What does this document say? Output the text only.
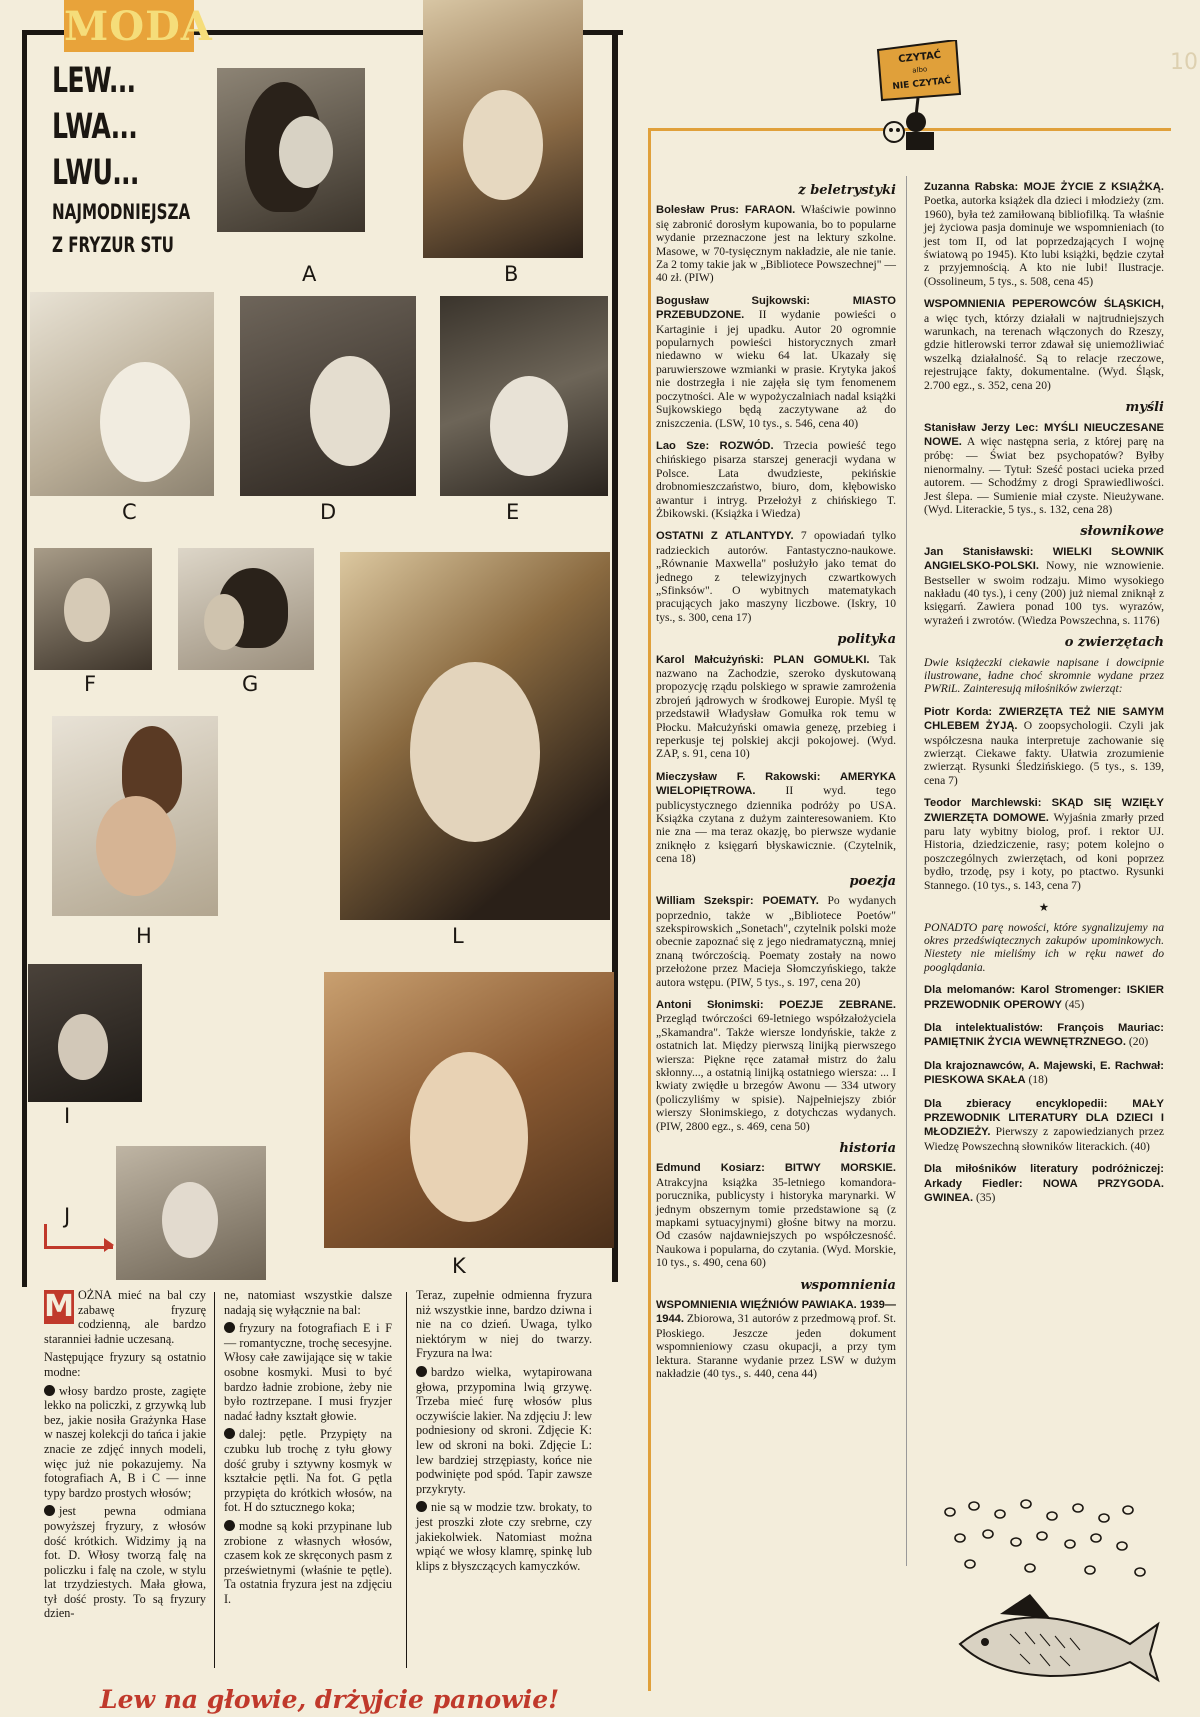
MODA
LEW...
LWA...
LWU...
NAJMODNIEJSZA
Z FRYZUR STU
A	B
C	D	E
F	G
H	L
I
J
K

M OŻNA mieć na bal czy zabawę fryzurę codzienną, ale bardzo staranniei ładnie uczesaną.

Następujące fryzury są ostatnio modne:

włosy bardzo proste, zagięte lekko na policzki, z grzywką lub bez, jakie nosiła Grażynka Hase w naszej kolekcji do tańca i jakie znacie ze zdjęć innych modeli, więc już nie pokazujemy. Na fotografiach A, B i C — inne typy bardzo prostych włosów;

jest pewna odmiana powyższej fryzury, z włosów dość krótkich. Widzimy ją na fot. D. Włosy tworzą falę na policzku i falę na czole, w stylu lat trzydziestych. Mała głowa, tył dość prosty. To są fryzury dzien-

ne, natomiast wszystkie dalsze nadają się wyłącznie na bal:

fryzury na fotografiach E i F — romantyczne, trochę secesyjne. Włosy całe zawijające się w takie osobne kosmyki. Musi to być bardzo ładnie zrobione, żeby nie było roztrzepane. I musi fryzjer nadać ładny kształt głowie.

dalej: pętle. Przypięty na czubku lub trochę z tyłu głowy dość gruby i sztywny kosmyk w kształcie pętli. Na fot. G pętla przypięta do krótkich włosów, na fot. H do sztucznego koka;

modne są koki przypinane lub zrobione z własnych włosów, czasem kok ze skręconych pasm z prześwietnymi (właśnie te pętle). Ta ostatnia fryzura jest na zdjęciu I.

Teraz, zupełnie odmienna fryzura niż wszystkie inne, bardzo dziwna i nie na co dzień. Uwaga, tylko niektórym w niej do twarzy. Fryzura na lwa:

bardzo wielka, wytapirowana głowa, przypomina lwią grzywę. Trzeba mieć furę włosów plus oczywiście lakier. Na zdjęciu J: lew podniesiony od skroni. Zdjęcie K: lew od skroni na boki. Zdjęcie L: lew bardziej strzępiasty, końce nie podwinięte pod spód. Tapir zawsze przykryty.

nie są w modzie tzw. brokaty, to jest proszki złote czy srebrne, czy jakiekolwiek. Natomiast można wpiąć we włosy klamrę, spinkę lub klips z błyszczących kamyczków.

Lew na głowie, drżyjcie panowie!
10
CZYTAĆ
albo
NIE CZYTAĆ
z beletrystyki

Bolesław Prus: FARAON. Właściwie powinno się zabronić dorosłym kupowania, bo to popularne wydanie przeznaczone jest na lektury szkolne. Masowe, w 70-tysięcznym nakładzie, ale nie tanie. Za 2 tomy takie jak w „Bibliotece Powszechnej" — 40 zł. (PIW)

Bogusław Sujkowski: MIASTO PRZEBUDZONE. II wydanie powieści o Kartaginie i jej upadku. Autor 20 ogromnie popularnych powieści historycznych zmarł niedawno w wieku 64 lat. Ukazały się paruwierszowe wzmianki w prasie. Krytyka jakoś nie dostrzegła i nie zajęła się tym fenomenem poczytności. Ale w wypożyczalniach nadal książki Sujkowskiego będą zaczytywane aż do zniszczenia. (LSW, 10 tys., s. 546, cena 40)

Lao Sze: ROZWÓD. Trzecia powieść tego chińskiego pisarza starszej generacji wydana w Polsce. Lata dwudzieste, pekińskie drobnomieszczaństwo, biuro, dom, kłębowisko awantur i intryg. Przełożył z chińskiego T. Żbikowski. (Książka i Wiedza)

OSTATNI Z ATLANTYDY. 7 opowiadań tylko radzieckich autorów. Fantastyczno-naukowe. „Równanie Maxwella" posłużyło jako temat do jednego z telewizyjnych czwartkowych „Sfinksów". O wybitnych matematykach pracujących jako maszyny liczbowe. (Iskry, 10 tys., s. 300, cena 17)

polityka

Karol Małcużyński: PLAN GOMUŁKI. Tak nazwano na Zachodzie, szeroko dyskutowaną propozycję rządu polskiego w sprawie zamrożenia zbrojeń jądrowych w środkowej Europie. Myśl tę przedstawił Władysław Gomułka rok temu w Płocku. Małcużyński omawia genezę, przebieg i reperkusje tej polskiej akcji pokojowej. (Wyd. ZAP, s. 91, cena 10)

Mieczysław F. Rakowski: AMERYKA WIELOPIĘTROWA.	II wyd. tego publicystycznego dziennika podróży po USA. Książka czytana z dużym zainteresowaniem. Kto nie zna — ma teraz okazję, bo pierwsze wydanie zniknęło z księgarń błyskawicznie. (Czytelnik, cena 18)

poezja

William Szekspir: POEMATY. Po wydanych poprzednio, także w „Bibliotece Poetów" szekspirowskich „Sonetach", czytelnik polski może obecnie zapoznać się z jego niedramatyczną, mniej znaną twórczością. Poematy zostały na nowo przełożone przez Macieja Słomczyńskiego, także autora wstępu. (PIW, 5 tys., s. 197, cena 20)

Antoni Słonimski: POEZJE ZEBRANE. Przegląd twórczości 69-letniego współzałożyciela „Skamandra". Także wiersze londyńskie, także z ostatnich lat. Między pierwszą linijką pierwszego wiersza: Piękne ręce zatamał mistrz do żalu skłonny..., a ostatnią linijką ostatniego wiersza: ... I kwiaty zwiędłe u brzegów Awonu — 334 utwory (policzyliśmy w spisie). Najpełniejszy zbiór wierszy Słonimskiego, z dotychczas wydanych. (PIW, 2800 egz., s. 469, cena 50)

historia

Edmund Kosiarz: BITWY MORSKIE. Atrakcyjna książka 35-letniego komandora-porucznika, publicysty i historyka marynarki. W jednym obszernym tomie przedstawione są (z mapkami sytuacyjnymi) głośne bitwy na morzu. Od czasów najdawniejszych po współczesność. Naukowa i popularna, do czytania. (Wyd. Morskie, 10 tys., s. 490, cena 60)

wspomnienia

WSPOMNIENIA WIĘŹNIÓW PAWIAKA. 1939—1944. Zbiorowa, 31 autorów z przedmową prof. St. Płoskiego. Jeszcze jeden dokument wspomnieniowy czasu okupacji, a przy tym lektura. Staranne wydanie przez LSW w dużym nakładzie (40 tys., s. 440, cena 44)

Zuzanna Rabska: MOJE ŻYCIE Z KSIĄŻKĄ. Poetka, autorka książek dla dzieci i młodzieży (zm. 1960), była też zamiłowaną bibliofilką. Ta właśnie jej życiowa pasja dominuje we wspomnieniach (to jest tom II, od lat poprzedzających I wojnę światową po 1945). Kto lubi książki, będzie czytał z przyjemnością. A kto nie lubi! Ilustracje. (Ossolineum, 5 tys., s. 508, cena 45)

WSPOMNIENIA PEPEROWCÓW ŚLĄSKICH, a więc tych, którzy działali w najtrudniejszych warunkach, na terenach włączonych do Rzeszy, gdzie hitlerowski terror zdawał się uniemożliwiać wszelką działalność. Są to relacje rzeczowe, rejestrujące fakty, dokumentalne. (Wyd. Śląsk, 2.700 egz., s. 352, cena 20)

myśli

Stanisław Jerzy Lec: MYŚLI NIEUCZESANE NOWE. A więc następna seria, z której parę na próbę: — Świat bez psychopatów? Byłby nienormalny. — Tytuł: Sześć postaci ucieka przed autorem. — Schodźmy z drogi Sprawiedliwości. Jest ślepa. — Sumienie miał czyste. Nieużywane. (Wyd. Literackie, 5 tys., s. 132, cena 28)

słownikowe

Jan Stanisławski: WIELKI SŁOWNIK ANGIELSKO-POLSKI. Nowy, nie wznowienie. Bestseller w swoim rodzaju. Mimo wysokiego nakładu (40 tys.), i ceny (200) już niemal zniknął z księgarń. Zawiera ponad 100 tys. wyrazów, wyrażeń i zwrotów. (Wiedza Powszechna, s. 1176)

o zwierzętach

Dwie książeczki ciekawie napisane i dowcipnie ilustrowane, ładne choć skromnie wydane przez PWRiL. Zainteresują miłośników zwierząt:

Piotr Korda: ZWIERZĘTA TEŻ NIE SAMYM CHLEBEM ŻYJĄ. O zoopsychologii. Czyli jak współczesna nauka interpretuje zachowanie się zwierząt. Ciekawe fakty. Ułatwia zrozumienie zwierząt. Rysunki Śledzińskiego. (5 tys., s. 139, cena 7)

Teodor Marchlewski: SKĄD SIĘ WZIĘŁY ZWIERZĘTA DOMOWE. Wyjaśnia zmarły przed paru laty wybitny biolog, prof. i rektor UJ. Historia, dziedziczenie, rasy; potem kolejno o poszczególnych zwierzętach, od koni poprzez bydło, trzodę, psy i koty, po ptactwo. Rysunki Stannego. (10 tys., s. 143, cena 7)

★

PONADTO parę nowości, które sygnalizujemy na okres przedświątecznych zakupów upominkowych. Niestety nie mieliśmy ich w ręku nawet do pooglądania.

Dla melomanów: Karol Stromenger: ISKIER PRZEWODNIK OPEROWY (45)

Dla intelektualistów: François Mauriac: PAMIĘTNIK ŻYCIA WEWNĘTRZNEGO. (20)

Dla krajoznawców, A. Majewski, E. Rachwał: PIESKOWA SKAŁA (18)

Dla zbieracy encyklopedii: MAŁY PRZEWODNIK LITERATURY DLA DZIECI I MŁODZIEŻY. Pierwszy z zapowiedzianych przez Wiedzę Powszechną słowników literackich. (40)

Dla miłośników literatury podróżniczej: Arkady Fiedler: NOWA PRZYGODA. GWINEA. (35)
